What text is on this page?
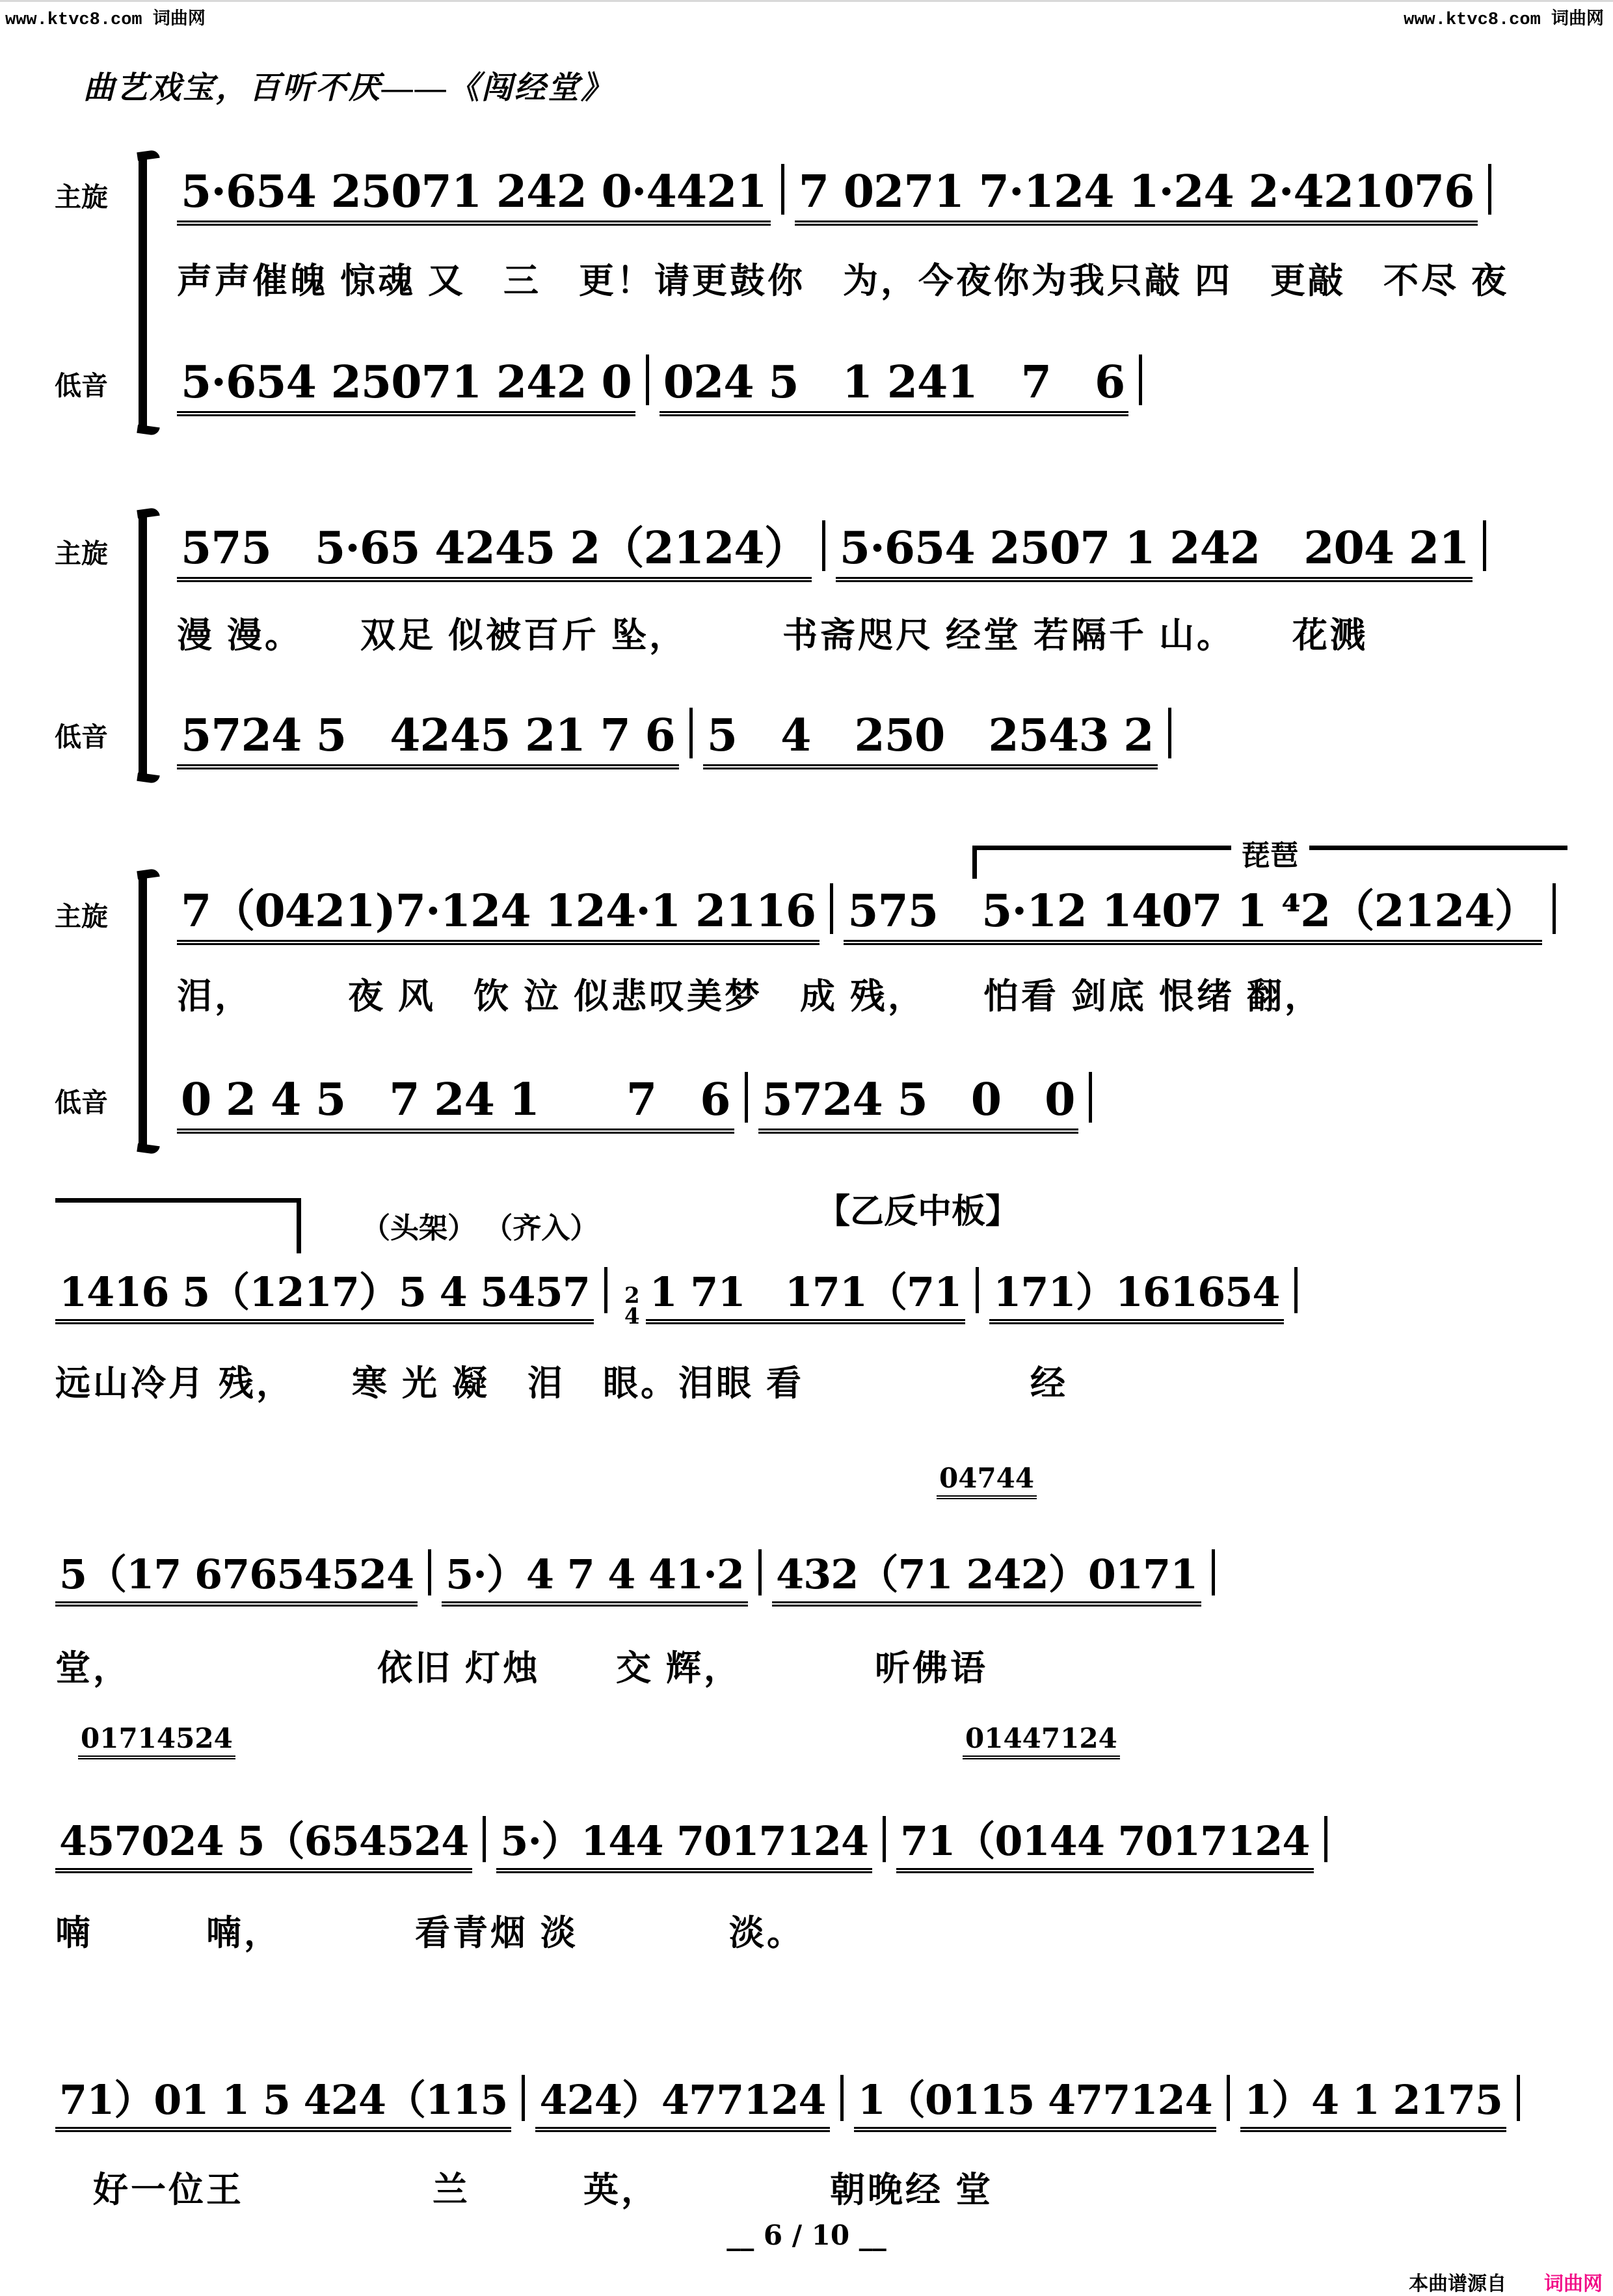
www.ktvc8.com 词曲网	www.ktvc8.com 词曲网
曲艺戏宝，百听不厌——《闯经堂》
主旋 5·654 25071 242 0·4421 7 0271 7·124 1·24 2·421076
声声催魄 惊魂 又　三　更！请更鼓你　为，今夜你为我只敲 四　更敲　不尽 夜
低音 5·654 25071 242 0 024 5　1 241　7　6
主旋 575　5·65 4245 2（2124） 5·654 2507 1 242　204 21
漫 漫。　　双足 似被百斤 坠，　　　书斋咫尺 经堂 若隔千 山。　　花溅
低音 5724 5　4245 21 7 6 5　4　250　2543 2
琵琶
主旋 7（0421)7·124 124·1 2116 575　5·12 1407 1 ⁴2（2124）
泪，　　　夜 风　饮 泣 似悲叹美梦　成 残，　　怕看 剑底 恨绪 翻，
低音 0 2 4 5　7 24 1　　7　6 5724 5　0　0
（头架） （齐入）	【乙反中板】
1416 5（1217）5 4 5457 2
4
1 71　171（71 171）161654
远山冷月 残，　　寒 光 凝　泪　眼。泪眼 看　　　　　　经
04744
5（17 67654524 5·）4 7 4 41·2 432（71 242）0171
堂，　　　　　　　依旧 灯烛　　交 辉，　　　　听佛语
01714524	01447124
457024 5（654524 5·）144 7017124 71（0144 7017124
喃　　　喃，　　　　看青烟 淡　　　　淡。
71）01 1 5 424（115 424）477124 1（0115 477124 1）4 1 2175
　好一位王　　　　　兰　　　英，　　　　　朝晚经 堂
__ 6 / 10 __

本曲谱源自 词曲网
